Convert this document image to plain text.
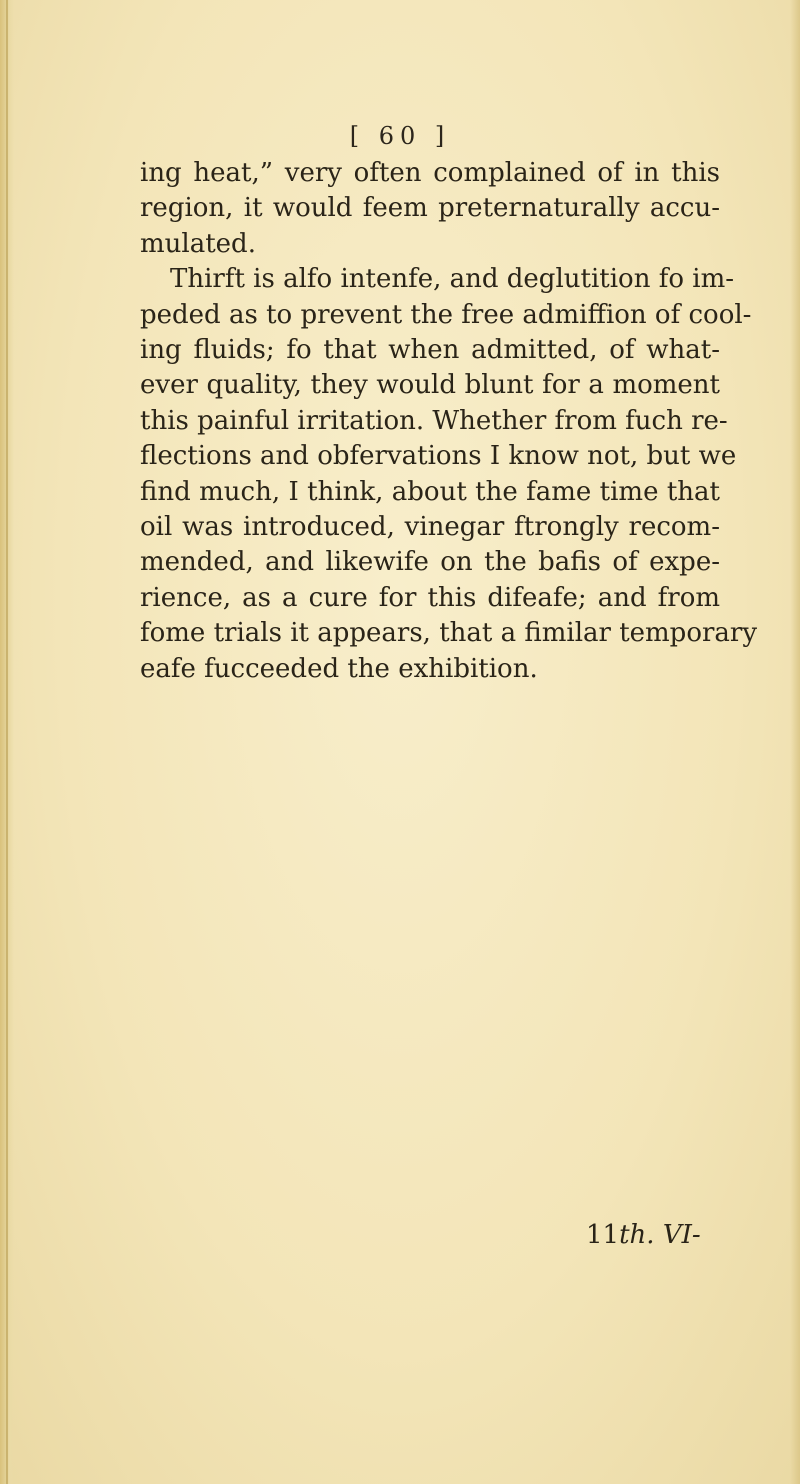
[ 60 ]
ing heat,” very often complained of in this
region, it would feem preternaturally accu-
mulated.
Thirft is alfo intenfe, and deglutition fo im-
peded as to prevent the free admiffion of cool-
ing fluids; fo that when admitted, of what-
ever quality, they would blunt for a moment
this painful irritation. Whether from fuch re-
flections and obfervations I know not, but we
find much, I think, about the fame time that
oil was introduced, vinegar ftrongly recom-
mended, and likewife on the bafis of expe-
rience, as a cure for this difeafe; and from
fome trials it appears, that a fimilar temporary
eafe fucceeded the exhibition.
11th. VI-
